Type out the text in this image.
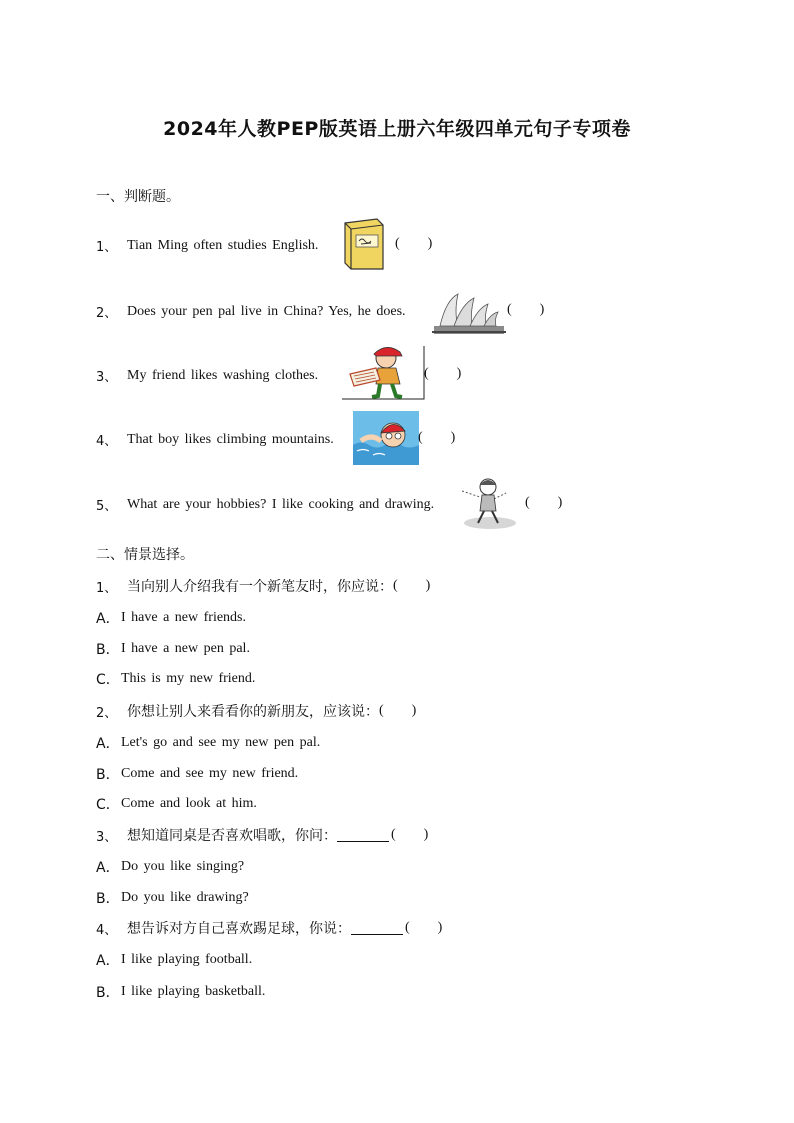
2024年人教PEP版英语上册六年级四单元句子专项卷
一、判断题。
1、 Tian Ming often studies English.	(        )
2、 Does your pen pal live in China? Yes, he does.	(        )
3、 My friend likes washing clothes.	(        )
4、 That boy likes climbing mountains.	(        )
5、 What are your hobbies? I like cooking and drawing.	(        )
二、情景选择。
1、 当向别人介绍我有一个新笔友时，你应说： (        )
A． I have a new friends.
B． I have a new pen pal.
C． This is my new friend.
2、 你想让别人来看看你的新朋友，应该说： (        )
A． Let's go and see my new pen pal.
B． Come and see my new friend.
C． Come and look at him.
3、 想知道同桌是否喜欢唱歌，你问：	(        )
A． Do you like singing?
B． Do you like drawing?
4、 想告诉对方自己喜欢踢足球，你说：	(        )
A． I like playing football.
B． I like playing basketball.
